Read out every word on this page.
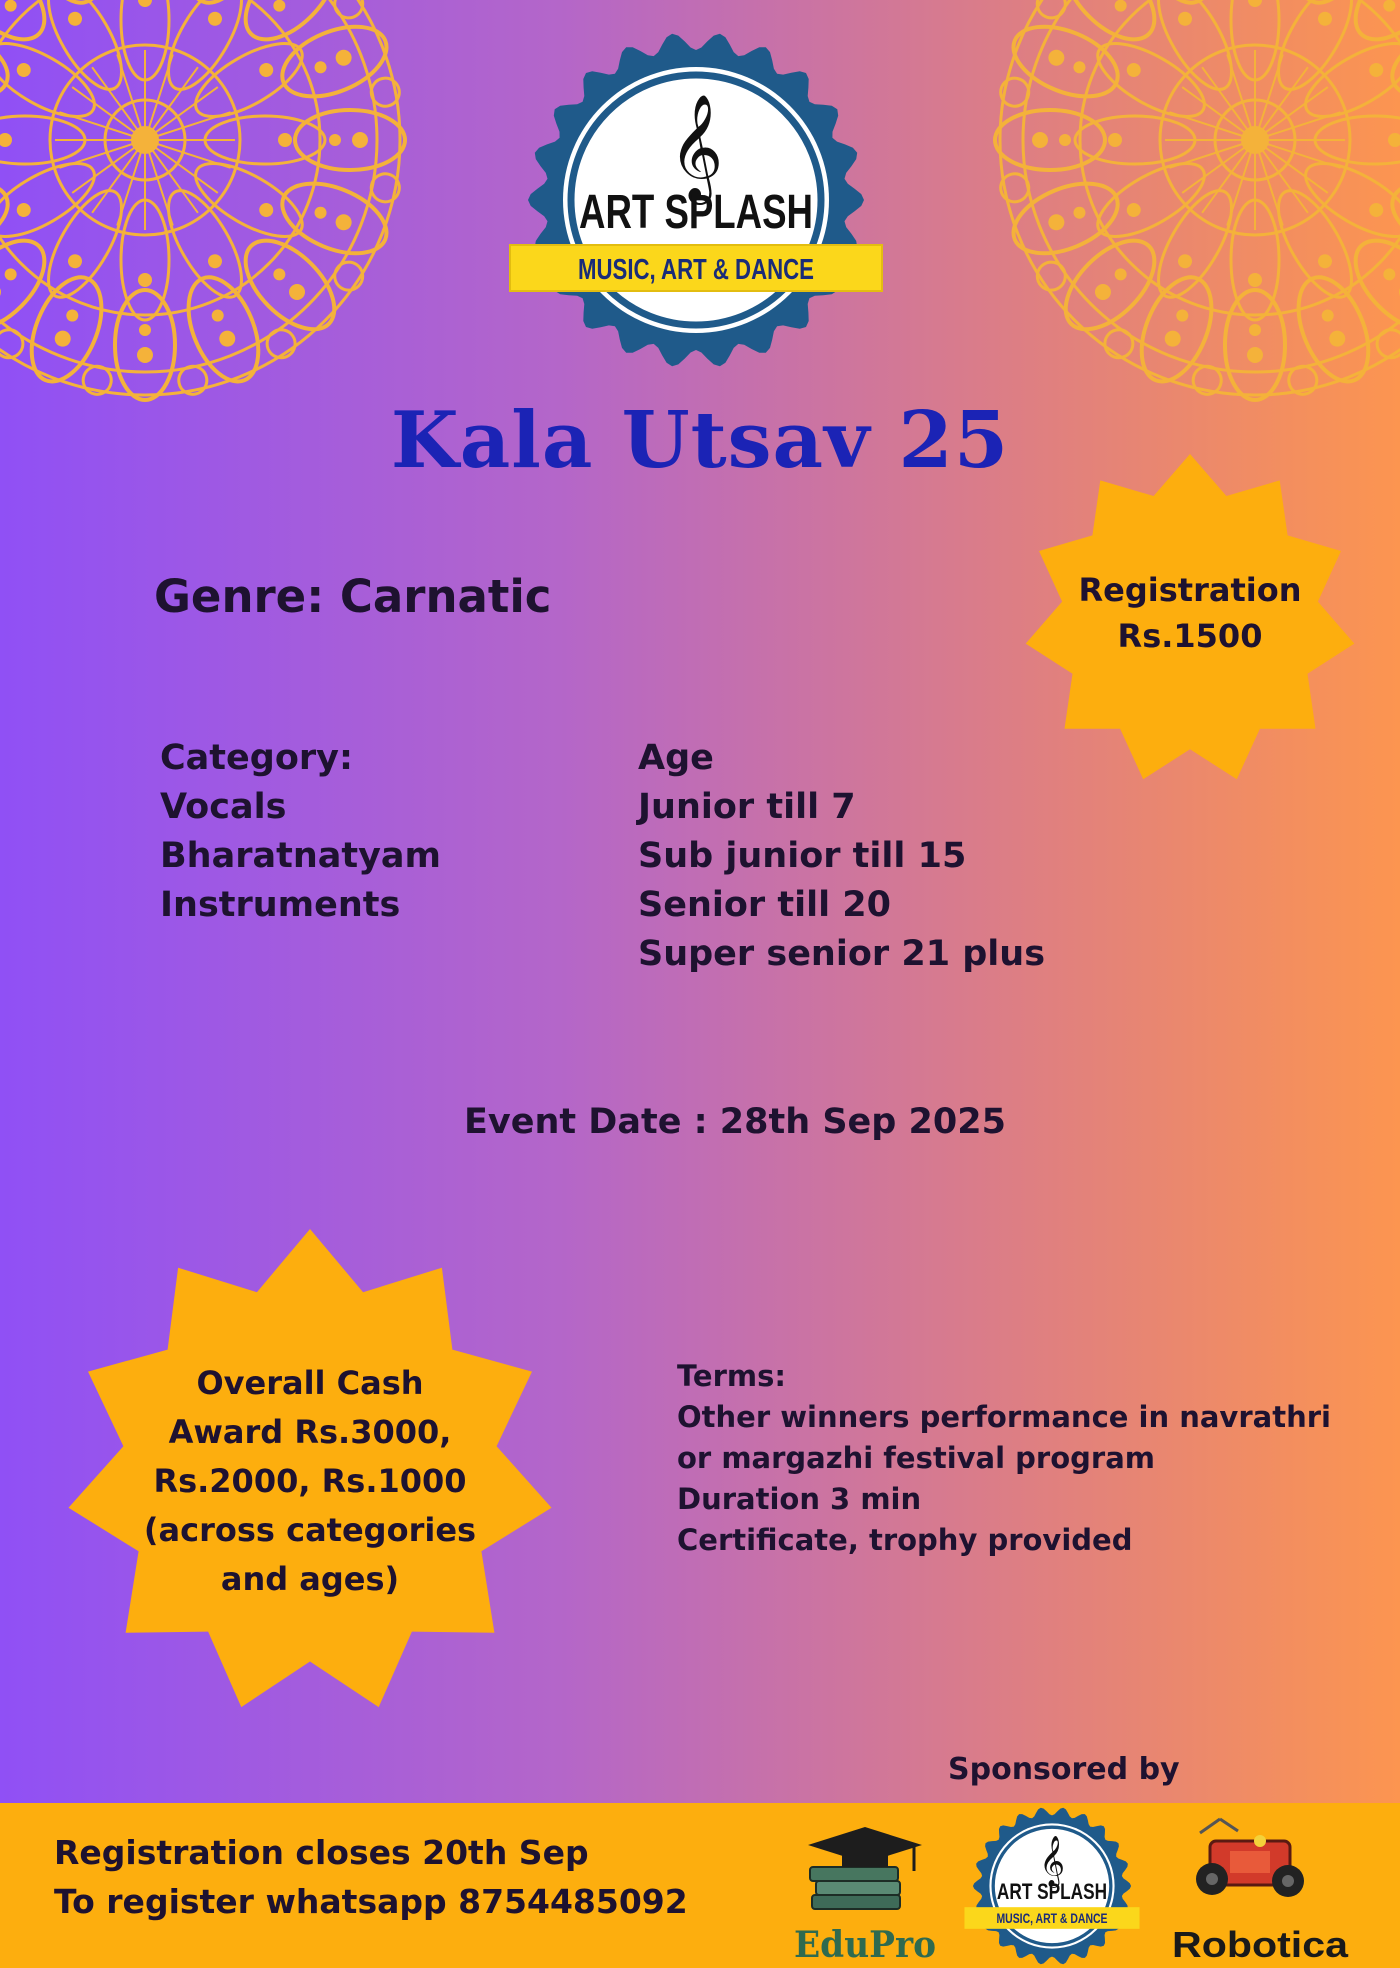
𝄞
ART SPLASH
MUSIC, ART & DANCE
Kala Utsav 25
Genre: Carnatic	Registration
Rs.1500
Category:
Vocals
Bharatnatyam
Instruments
Age
Junior till 7
Sub junior till 15
Senior till 20
Super senior 21 plus
Event Date : 28th Sep 2025
Overall Cash
Award Rs.3000,
Rs.2000, Rs.1000
(across categories
and ages)
Terms:
Other winners performance in navrathri
or margazhi festival program
Duration 3 min
Certificate, trophy provided
Sponsored by
Registration closes 20th Sep
To register whatsapp 8754485092
EduPro
𝄞
ART SPLASH
MUSIC, ART & DANCE
Robotica
